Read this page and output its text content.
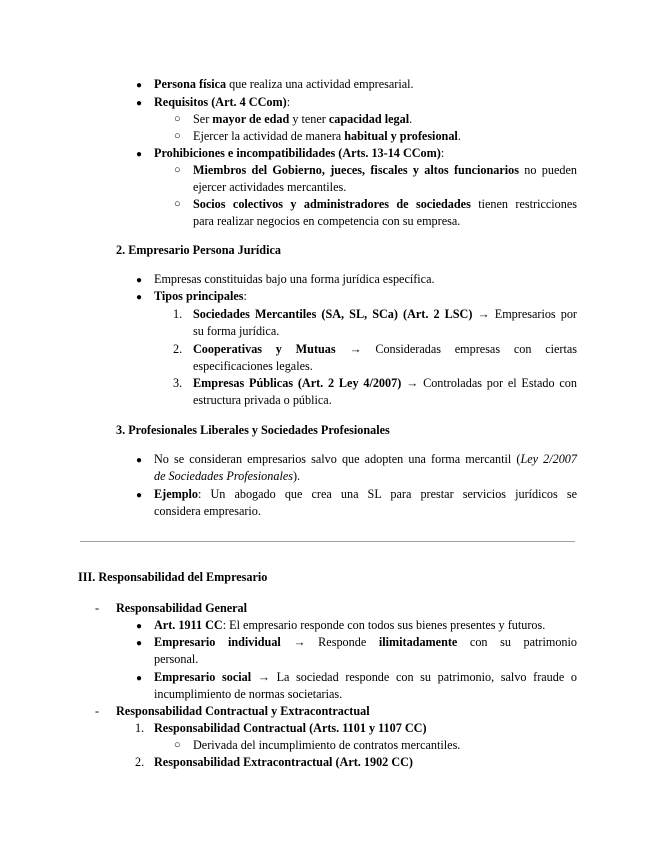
● Persona física que realiza una actividad empresarial.
● Requisitos (Art. 4 CCom):
○ Ser mayor de edad y tener capacidad legal.
○ Ejercer la actividad de manera habitual y profesional.
● Prohibiciones e incompatibilidades (Arts. 13-14 CCom):
○ Miembros del Gobierno, jueces, fiscales y altos funcionarios no pueden
ejercer actividades mercantiles.
○ Socios colectivos y administradores de sociedades tienen restricciones
para realizar negocios en competencia con su empresa.
2. Empresario Persona Jurídica
● Empresas constituidas bajo una forma jurídica específica.
● Tipos principales:
1. Sociedades Mercantiles (SA, SL, SCa) (Art. 2 LSC) → Empresarios por
su forma jurídica.
2. Cooperativas y Mutuas → Consideradas empresas con ciertas
especificaciones legales.
3. Empresas Públicas (Art. 2 Ley 4/2007) → Controladas por el Estado con
estructura privada o pública.
3. Profesionales Liberales y Sociedades Profesionales
● No se consideran empresarios salvo que adopten una forma mercantil (Ley 2/2007
de Sociedades Profesionales).
● Ejemplo: Un abogado que crea una SL para prestar servicios jurídicos se
considera empresario.
III. Responsabilidad del Empresario
- Responsabilidad General
● Art. 1911 CC: El empresario responde con todos sus bienes presentes y futuros.
● Empresario individual → Responde ilimitadamente con su patrimonio
personal.
● Empresario social → La sociedad responde con su patrimonio, salvo fraude o
incumplimiento de normas societarias.
- Responsabilidad Contractual y Extracontractual
1. Responsabilidad Contractual (Arts. 1101 y 1107 CC)
○ Derivada del incumplimiento de contratos mercantiles.
2. Responsabilidad Extracontractual (Art. 1902 CC)
